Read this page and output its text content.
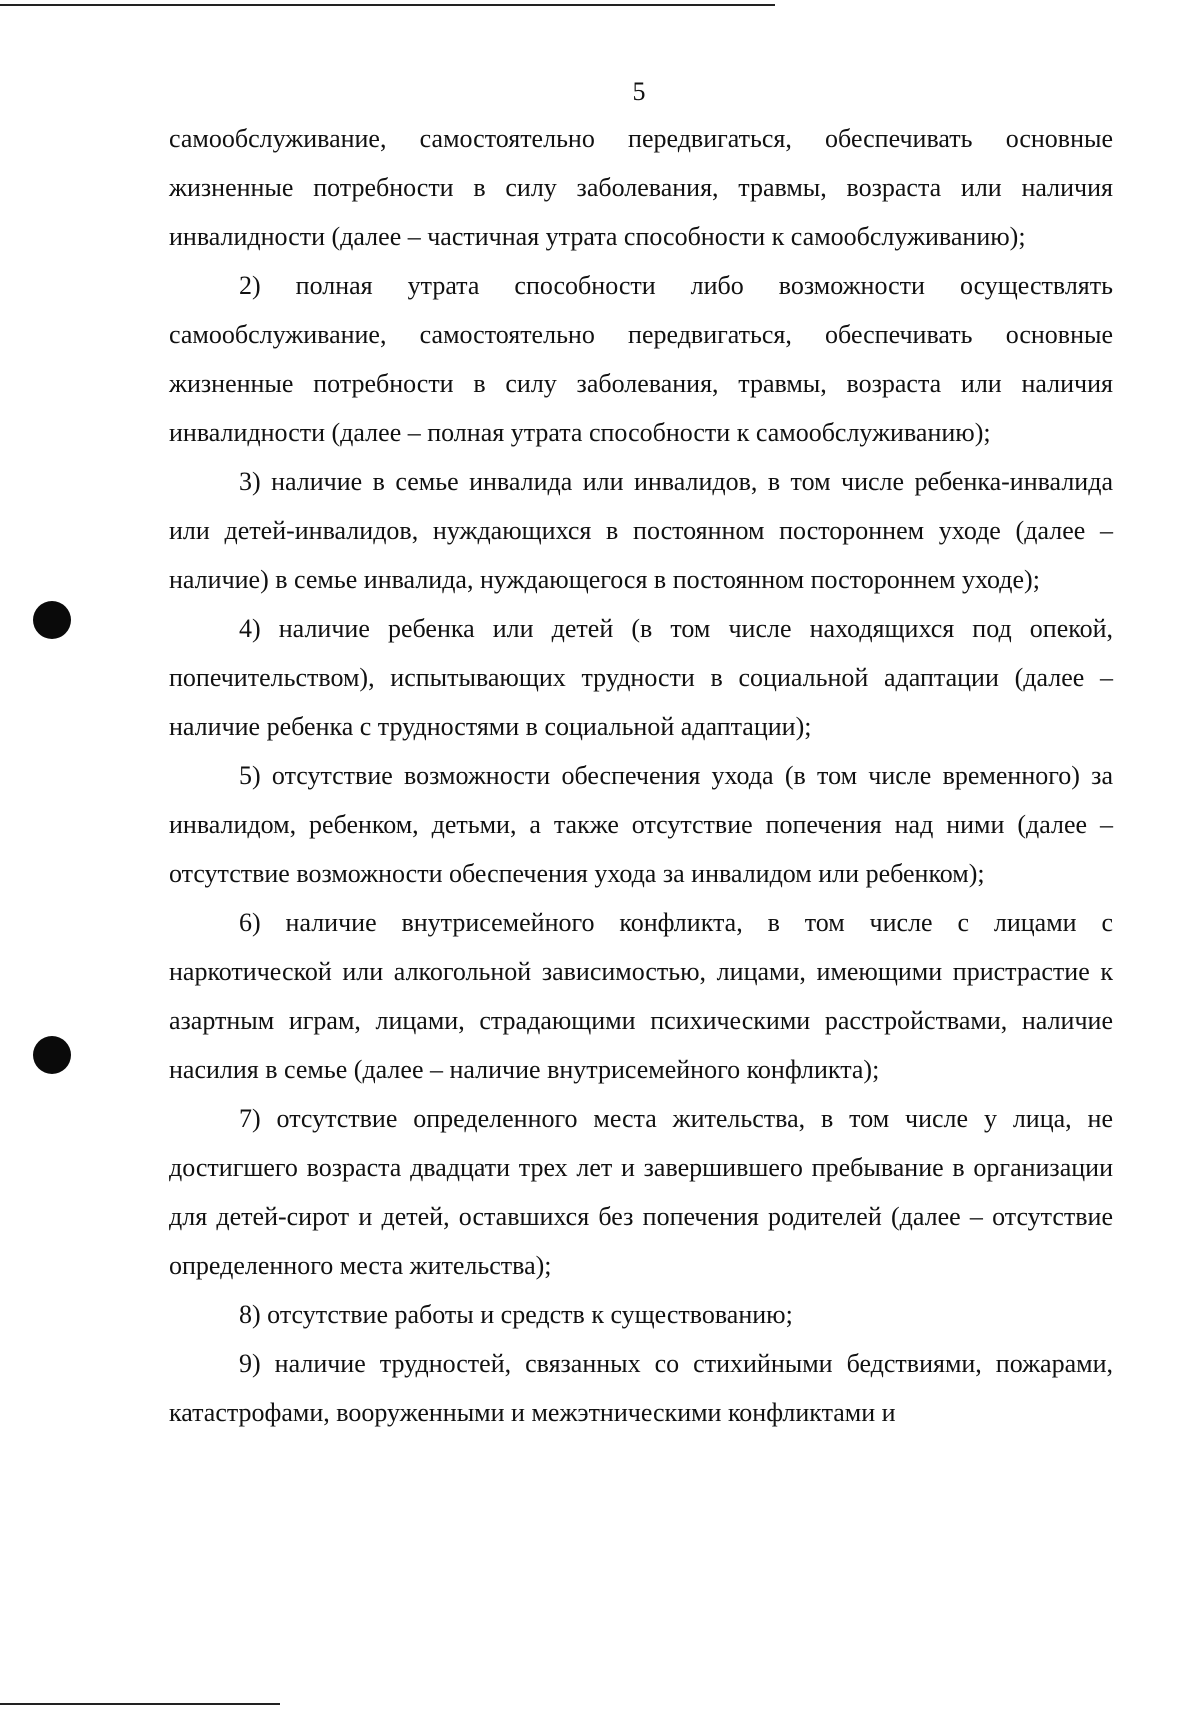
5

самообслуживание, самостоятельно передвигаться, обеспечивать основные жизненные потребности в силу заболевания, травмы, возраста или наличия инвалидности (далее – частичная утрата способности к самообслуживанию);

2) полная утрата способности либо возможности осуществлять самообслуживание, самостоятельно передвигаться, обеспечивать основные жизненные потребности в силу заболевания, травмы, возраста или наличия инвалидности (далее – полная утрата способности к самообслуживанию);

3) наличие в семье инвалида или инвалидов, в том числе ребенка-инвалида или детей-инвалидов, нуждающихся в постоянном постороннем уходе (далее – наличие) в семье инвалида, нуждающегося в постоянном постороннем уходе);

4) наличие ребенка или детей (в том числе находящихся под опекой, попечительством), испытывающих трудности в социальной адаптации (далее – наличие ребенка с трудностями в социальной адаптации);

5) отсутствие возможности обеспечения ухода (в том числе временного) за инвалидом, ребенком, детьми, а также отсутствие попечения над ними (далее – отсутствие возможности обеспечения ухода за инвалидом или ребенком);

6) наличие внутрисемейного конфликта, в том числе с лицами с наркотической или алкогольной зависимостью, лицами, имеющими пристрастие к азартным играм, лицами, страдающими психическими расстройствами, наличие насилия в семье (далее – наличие внутрисемейного конфликта);

7) отсутствие определенного места жительства, в том числе у лица, не достигшего возраста двадцати трех лет и завершившего пребывание в организации для детей-сирот и детей, оставшихся без попечения родителей (далее – отсутствие определенного места жительства);

8) отсутствие работы и средств к существованию;

9) наличие трудностей, связанных со стихийными бедствиями, пожарами, катастрофами, вооруженными и межэтническими конфликтами и
